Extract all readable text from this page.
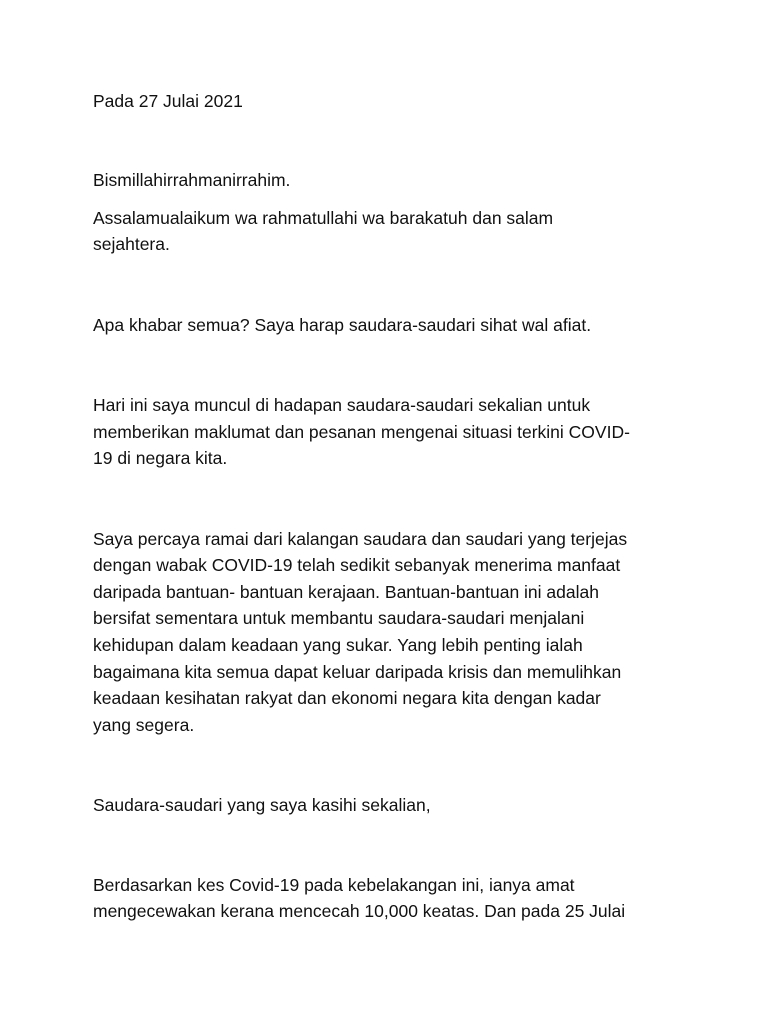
Pada 27 Julai 2021
Bismillahirrahmanirrahim.
Assalamualaikum wa rahmatullahi wa barakatuh dan salam
sejahtera.
Apa khabar semua? Saya harap saudara-saudari sihat wal afiat.
Hari ini saya muncul di hadapan saudara-saudari sekalian untuk
memberikan maklumat dan pesanan mengenai situasi terkini COVID-
19 di negara kita.
Saya percaya ramai dari kalangan saudara dan saudari yang terjejas
dengan wabak COVID-19 telah sedikit sebanyak menerima manfaat
daripada bantuan- bantuan kerajaan. Bantuan-bantuan ini adalah
bersifat sementara untuk membantu saudara-saudari menjalani
kehidupan dalam keadaan yang sukar. Yang lebih penting ialah
bagaimana kita semua dapat keluar daripada krisis dan memulihkan
keadaan kesihatan rakyat dan ekonomi negara kita dengan kadar
yang segera.
Saudara-saudari yang saya kasihi sekalian,
Berdasarkan kes Covid-19 pada kebelakangan ini, ianya amat
mengecewakan kerana mencecah 10,000 keatas. Dan pada 25 Julai
